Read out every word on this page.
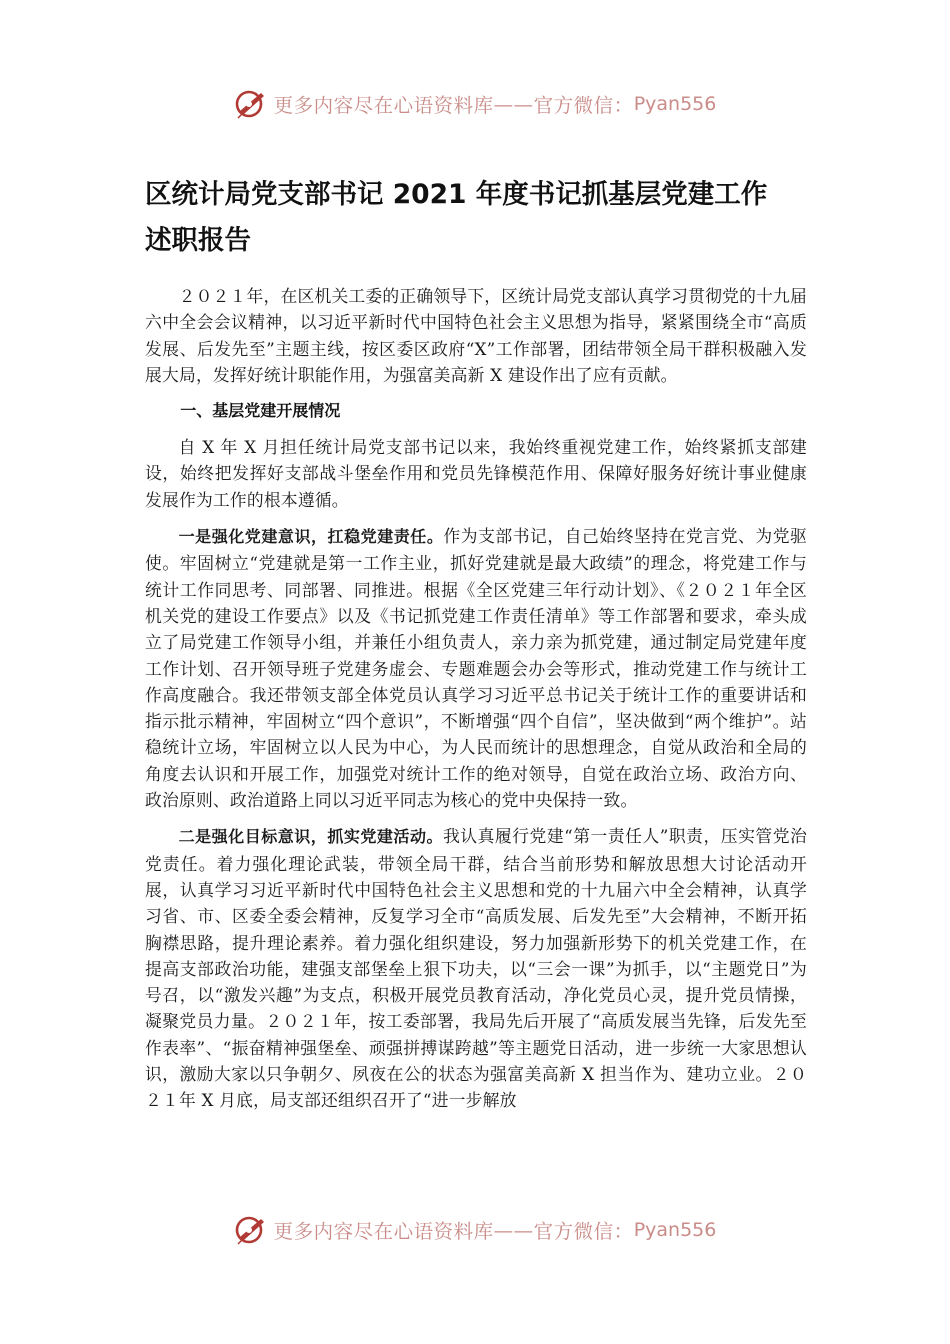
更多内容尽在心语资料库 —— 官方微信： Pyan556
区统计局党支部书记 2021 年度书记抓基层党建工作
述职报告

２０２１年，在区机关工委的正确领导下，区统计局党支部认真学习贯彻党的十九届六中全会会议精神，以习近平新时代中国特色社会主义思想为指导，紧紧围绕全市“高质发展、后发先至”主题主线，按区委区政府“X”工作部署，团结带领全局干群积极融入发展大局，发挥好统计职能作用，为强富美高新 X 建设作出了应有贡献。

一、基层党建开展情况

自 X 年 X 月担任统计局党支部书记以来，我始终重视党建工作，始终紧抓支部建设，始终把发挥好支部战斗堡垒作用和党员先锋模范作用、保障好服务好统计事业健康发展作为工作的根本遵循。

一是强化党建意识，扛稳党建责任。作为支部书记，自己始终坚持在党言党、为党驱使。牢固树立“党建就是第一工作主业，抓好党建就是最大政绩”的理念，将党建工作与统计工作同思考、同部署、同推进。根据《全区党建三年行动计划》、《２０２１年全区机关党的建设工作要点》以及《书记抓党建工作责任清单》等工作部署和要求，牵头成立了局党建工作领导小组，并兼任小组负责人，亲力亲为抓党建，通过制定局党建年度工作计划、召开领导班子党建务虚会、专题难题会办会等形式，推动党建工作与统计工作高度融合。我还带领支部全体党员认真学习习近平总书记关于统计工作的重要讲话和指示批示精神，牢固树立“四个意识”，不断增强“四个自信”，坚决做到“两个维护”。站稳统计立场，牢固树立以人民为中心，为人民而统计的思想理念，自觉从政治和全局的角度去认识和开展工作，加强党对统计工作的绝对领导，自觉在政治立场、政治方向、政治原则、政治道路上同以习近平同志为核心的党中央保持一致。

二是强化目标意识，抓实党建活动。我认真履行党建“第一责任人”职责，压实管党治党责任。着力强化理论武装，带领全局干群，结合当前形势和解放思想大讨论活动开展，认真学习习近平新时代中国特色社会主义思想和党的十九届六中全会精神，认真学习省、市、区委全委会精神，反复学习全市“高质发展、后发先至”大会精神，不断开拓胸襟思路，提升理论素养。着力强化组织建设，努力加强新形势下的机关党建工作，在提高支部政治功能，建强支部堡垒上狠下功夫，以“三会一课”为抓手，以“主题党日”为号召，以“激发兴趣”为支点，积极开展党员教育活动，净化党员心灵，提升党员情操，凝聚党员力量。２０２１年，按工委部署，我局先后开展了“高质发展当先锋，后发先至作表率”、“振奋精神强堡垒、顽强拼搏谋跨越”等主题党日活动，进一步统一大家思想认识，激励大家以只争朝夕、夙夜在公的状态为强富美高新 X 担当作为、建功立业。２０２１年 X 月底，局支部还组织召开了“进一步解放

更多内容尽在心语资料库 —— 官方微信： Pyan556
